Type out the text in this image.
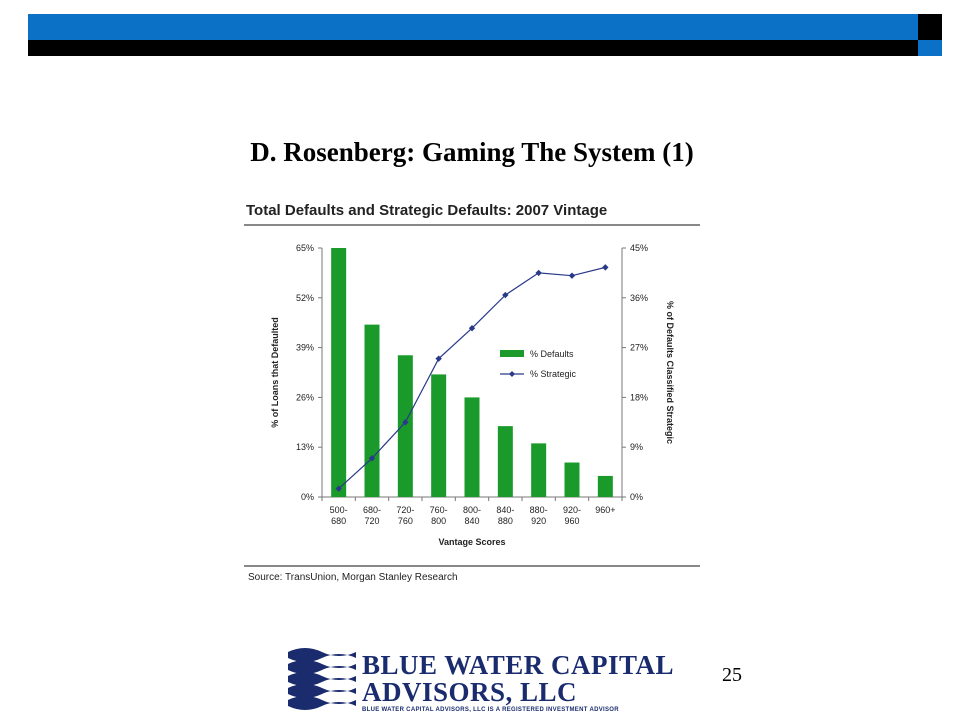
D. Rosenberg: Gaming The System (1)
Total Defaults and Strategic Defaults: 2007 Vintage
0%
13%
26%
39%
52%
65%
0%
9%
18%
27%
36%
45%
500-
680
680-
720
720-
760
760-
800
800-
840
840-
880
880-
920
920-
960
960+
Vantage Scores
% of Loans that Defaulted	% of Defaults Classified Strategic
% Defaults
% Strategic
Source: TransUnion, Morgan Stanley Research
BLUE WATER CAPITAL
ADVISORS, LLC
BLUE WATER CAPITAL ADVISORS, LLC IS A REGISTERED INVESTMENT ADVISOR
25
